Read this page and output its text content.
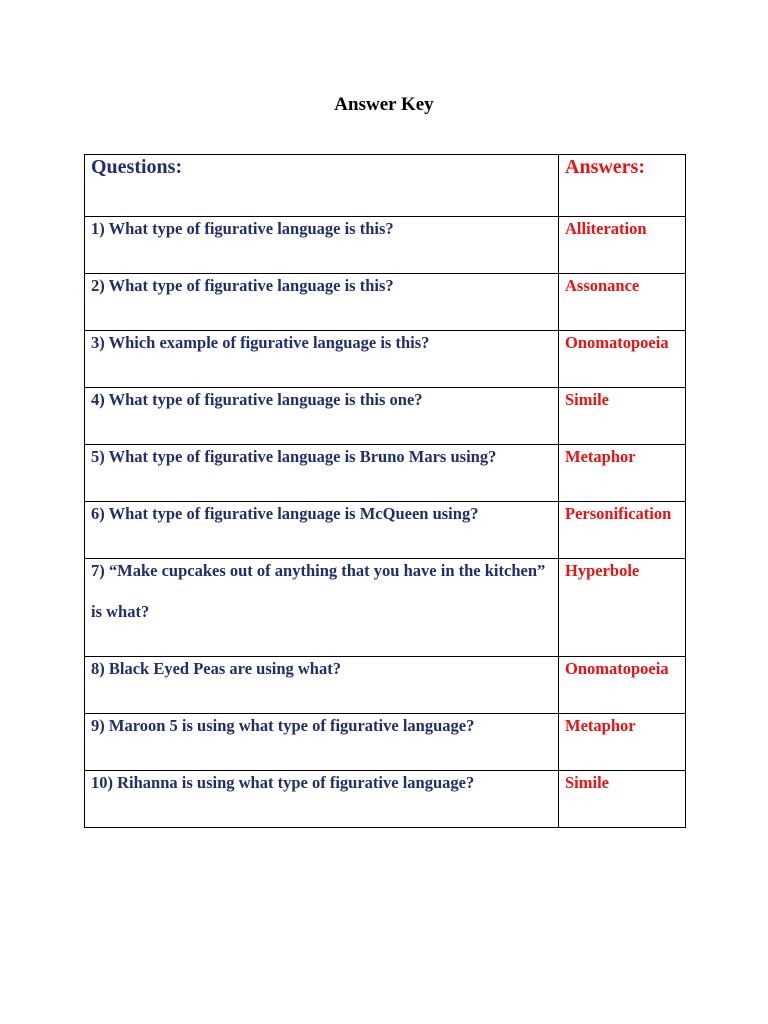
Answer Key
Questions:	Answers:
1) What type of figurative language is this?	Alliteration
2) What type of figurative language is this?	Assonance
3) Which example of figurative language is this?	Onomatopoeia
4) What type of figurative language is this one?	Simile
5) What type of figurative language is Bruno Mars using?	Metaphor
6) What type of figurative language is McQueen using?	Personification

7) “Make cupcakes out of anything that you have in the kitchen” is what?	Hyperbole
8) Black Eyed Peas are using what?	Onomatopoeia
9) Maroon 5 is using what type of figurative language?	Metaphor
10) Rihanna is using what type of figurative language?	Simile
